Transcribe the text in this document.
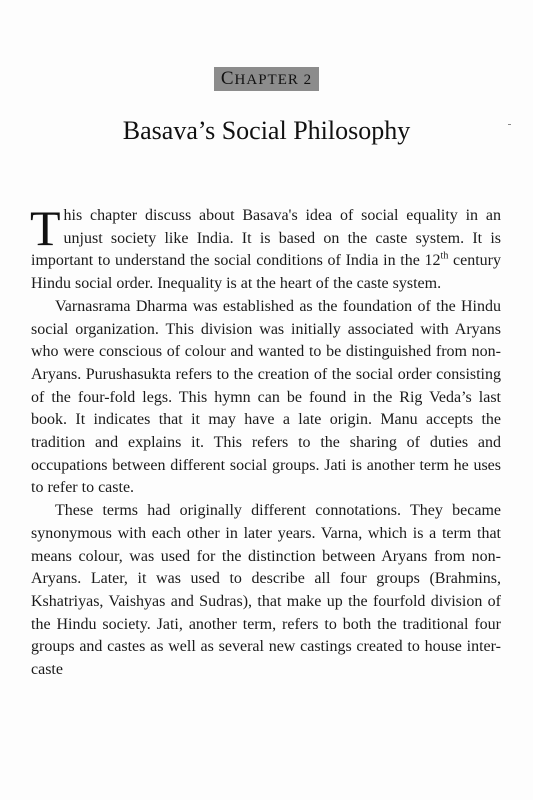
CHAPTER 2
Basava’s Social Philosophy

This chapter discuss about Basava's idea of social equality in an unjust society like India. It is based on the caste system. It is important to understand the social conditions of India in the 12th century Hindu social order. Inequality is at the heart of the caste system.

Varnasrama Dharma was established as the foundation of the Hindu social organization. This division was initially associated with Aryans who were conscious of colour and wanted to be distinguished from non-Aryans. Purushasukta refers to the creation of the social order consisting of the four-fold legs. This hymn can be found in the Rig Veda’s last book. It indicates that it may have a late origin. Manu accepts the tradition and explains it. This refers to the sharing of duties and occupations between different social groups. Jati is another term he uses to refer to caste.

These terms had originally different connotations. They became synonymous with each other in later years. Varna, which is a term that means colour, was used for the distinction between Aryans from non-Aryans. Later, it was used to describe all four groups (Brahmins, Kshatriyas, Vaishyas and Sudras), that make up the fourfold division of the Hindu society. Jati, another term, refers to both the traditional four groups and castes as well as several new castings created to house inter-caste
